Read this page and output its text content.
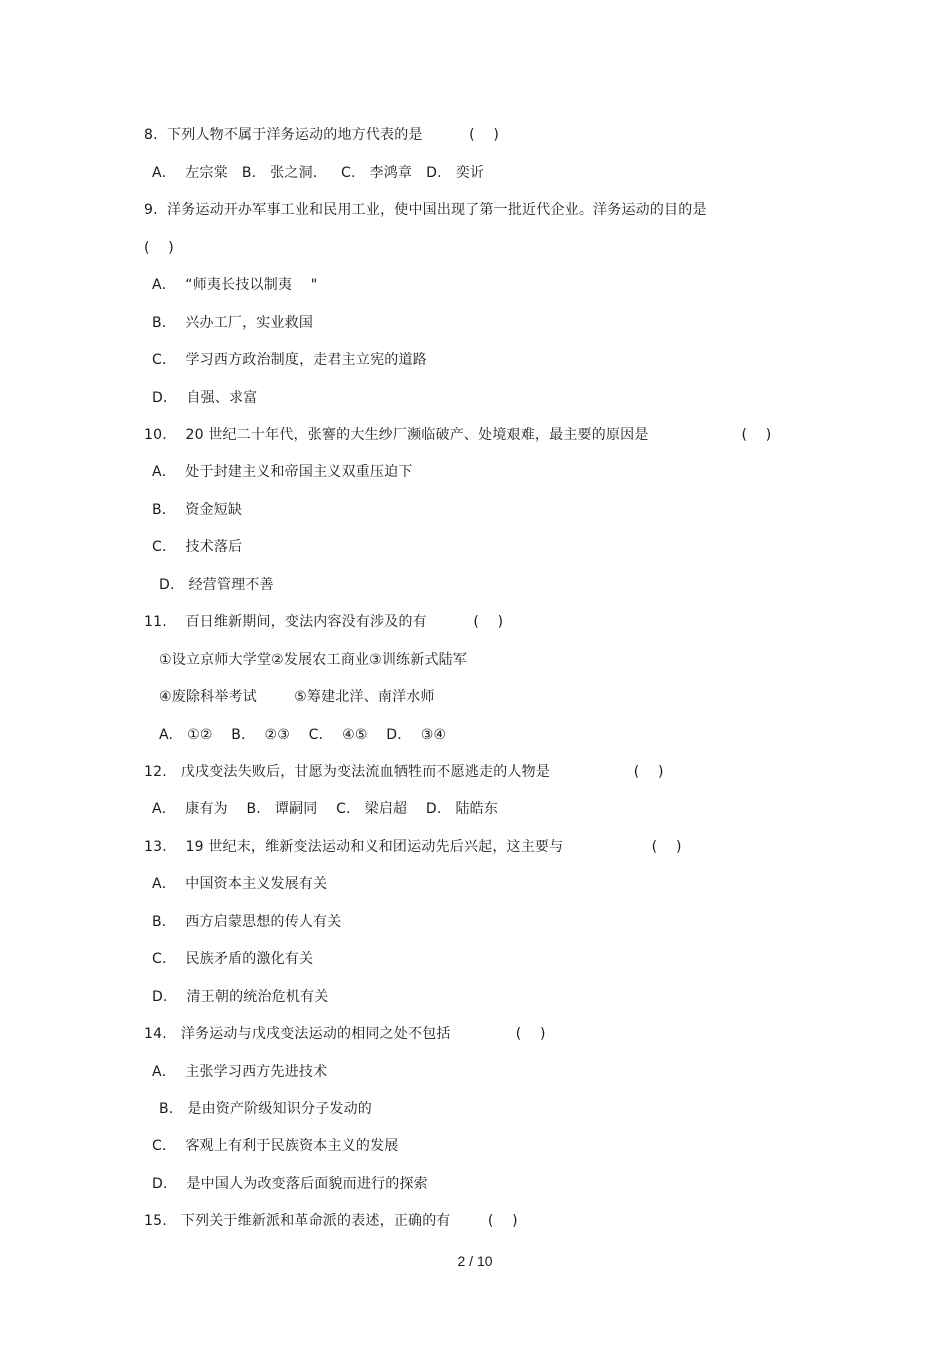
8.  下列人物不属于洋务运动的地方代表的是          (    )
A．  左宗棠   B.   张之洞．   C.   李鸿章   D.   奕䜣
9.  洋务运动开办军事工业和民用工业，使中国出现了第一批近代企业。洋务运动的目的是
(    )
A．  “师夷长技以制夷    "
B．  兴办工厂，实业救国
C．  学习西方政治制度，走君主立宪的道路
D．  自强、求富
10.    20 世纪二十年代，张謇的大生纱厂濒临破产、处境艰难，最主要的原因是                    (    )
A．  处于封建主义和帝国主义双重压迫下
B．  资金短缺
C．  技术落后
D.   经营管理不善
11.    百日维新期间，变法内容没有涉及的有          (    )
①设立京师大学堂②发展农工商业③训练新式陆军
④废除科举考试        ⑤筹建北洋、南洋水师
A.   ①②    B．  ②③    C．  ④⑤    D．  ③④
12.   戊戌变法失败后，甘愿为变法流血牺牲而不愿逃走的人物是                  (    )
A．  康有为    B.   谭嗣同    C.   梁启超    D.   陆皓东
13.    19 世纪末，维新变法运动和义和团运动先后兴起，这主要与                   (    )
A．  中国资本主义发展有关
B．  西方启蒙思想的传人有关
C．  民族矛盾的激化有关
D．  清王朝的统治危机有关
14.   洋务运动与戊戌变法运动的相同之处不包括              (    )
A．  主张学习西方先进技术
B.   是由资产阶级知识分子发动的
C．  客观上有利于民族资本主义的发展
D．  是中国人为改变落后面貌而进行的探索
15.   下列关于维新派和革命派的表述，正确的有        (    )
2 / 10
